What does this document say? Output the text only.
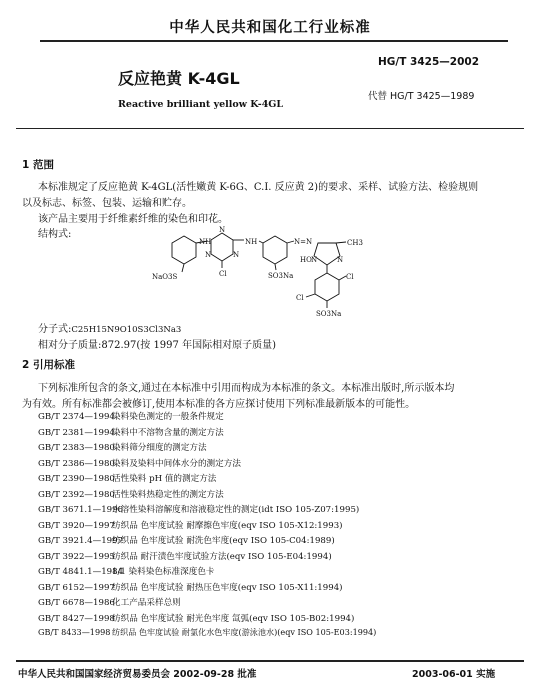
中华人民共和国化工行业标准
HG/T 3425—2002
反应艳黄 K-4GL
代替 HG/T 3425—1989
Reactive brilliant yellow K-4GL
1 范围
本标准规定了反应艳黄 K-4GL(活性嫩黄 K-6G、C.I. 反应黄 2)的要求、采样、试验方法、检验规则
以及标志、标签、包装、运输和贮存。
该产品主要用于纤维素纤维的染色和印花。
结构式:
NaO3S
NH
N
N	N
Cl
NH
SO3Na
N=N	CH3
HO N	N
Cl
Cl
SO3Na
分子式:C25H15N9O10S3Cl3Na3
相对分子质量:872.97(按 1997 年国际相对原子质量)
2 引用标准
下列标准所包含的条文,通过在本标准中引用而构成为本标准的条文。本标准出版时,所示版本均
为有效。所有标准都会被修订,使用本标准的各方应探讨使用下列标准最新版本的可能性。
GB/T 2374—1994染料染色测定的一般条件规定
GB/T 2381—1994染料中不溶物含量的测定方法
GB/T 2383—1980染料筛分细度的测定方法
GB/T 2386—1980染料及染料中间体水分的测定方法
GB/T 2390—1980活性染料 pH 值的测定方法
GB/T 2392—1980活性染料热稳定性的测定方法
GB/T 3671.1—1996水溶性染料溶解度和溶液稳定性的测定(idt ISO 105-Z07:1995)
GB/T 3920—1997纺织品 色牢度试验 耐摩擦色牢度(eqv ISO 105-X12:1993)
GB/T 3921.4—1997纺织品 色牢度试验 耐洗色牢度(eqv ISO 105-C04:1989)
GB/T 3922—1995纺织品 耐汗渍色牢度试验方法(eqv ISO 105-E04:1994)
GB/T 4841.1—19841/1 染料染色标准深度色卡
GB/T 6152—1997纺织品 色牢度试验 耐热压色牢度(eqv ISO 105-X11:1994)
GB/T 6678—1986化工产品采样总则
GB/T 8427—1998纺织品 色牢度试验 耐光色牢度 氙弧(eqv ISO 105-B02:1994)
GB/T 8433—1998 纺织品 色牢度试验 耐氯化水色牢度(游泳池水)(eqv ISO 105-E03:1994)
中华人民共和国国家经济贸易委员会 2002-09-28 批准	2003-06-01 实施
